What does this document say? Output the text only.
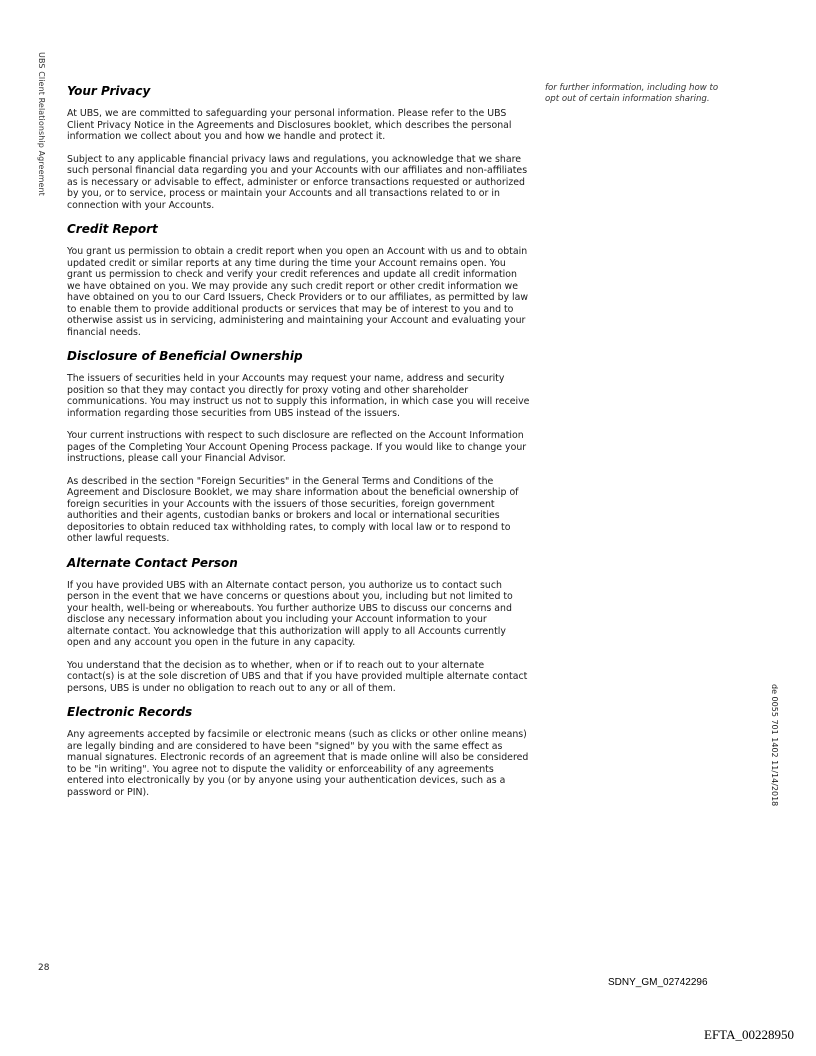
UBS Client Relationship Agreement Your Privacy

At UBS, we are committed to safeguarding your personal information. Please refer to the UBS Client Privacy Notice in the Agreements and Disclosures booklet, which describes the personal information we collect about you and how we handle and protect it.

Subject to any applicable financial privacy laws and regulations, you acknowledge that we share such personal financial data regarding you and your Accounts with our affiliates and non-affiliates as is necessary or advisable to effect, administer or enforce transactions requested or authorized by you, or to service, process or maintain your Accounts and all transactions related to or in connection with your Accounts.

Credit Report

You grant us permission to obtain a credit report when you open an Account with us and to obtain updated credit or similar reports at any time during the time your Account remains open. You grant us permission to check and verify your credit references and update all credit information we have obtained on you. We may provide any such credit report or other credit information we have obtained on you to our Card Issuers, Check Providers or to our affiliates, as permitted by law to enable them to provide additional products or services that may be of interest to you and to otherwise assist us in servicing, administering and maintaining your Account and evaluating your financial needs.

Disclosure of Beneficial Ownership

The issuers of securities held in your Accounts may request your name, address and security position so that they may contact you directly for proxy voting and other shareholder communications. You may instruct us not to supply this information, in which case you will receive information regarding those securities from UBS instead of the issuers.

Your current instructions with respect to such disclosure are reflected on the Account Information pages of the Completing Your Account Opening Process package. If you would like to change your instructions, please call your Financial Advisor.

As described in the section "Foreign Securities" in the General Terms and Conditions of the Agreement and Disclosure Booklet, we may share information about the beneficial ownership of foreign securities in your Accounts with the issuers of those securities, foreign government authorities and their agents, custodian banks or brokers and local or international securities depositories to obtain reduced tax withholding rates, to comply with local law or to respond to other lawful requests.

Alternate Contact Person

If you have provided UBS with an Alternate contact person, you authorize us to contact such person in the event that we have concerns or questions about you, including but not limited to your health, well-being or whereabouts. You further authorize UBS to discuss our concerns and disclose any necessary information about you including your Account information to your alternate contact. You acknowledge that this authorization will apply to all Accounts currently open and any account you open in the future in any capacity.

You understand that the decision as to whether, when or if to reach out to your alternate contact(s) is at the sole discretion of UBS and that if you have provided multiple alternate contact persons, UBS is under no obligation to reach out to any or all of them.

Electronic Records

Any agreements accepted by facsimile or electronic means (such as clicks or other online means) are legally binding and are considered to have been "signed" by you with the same effect as manual signatures. Electronic records of an agreement that is made online will also be considered to be "in writing". You agree not to dispute the validity or enforceability of any agreements entered into electronically by you (or by anyone using your authentication devices, such as a password or PIN).

for further information, including how to opt out of certain information sharing.
de 0055 701 1402 11/14/2018
28
SDNY_GM_02742296
EFTA_00228950
